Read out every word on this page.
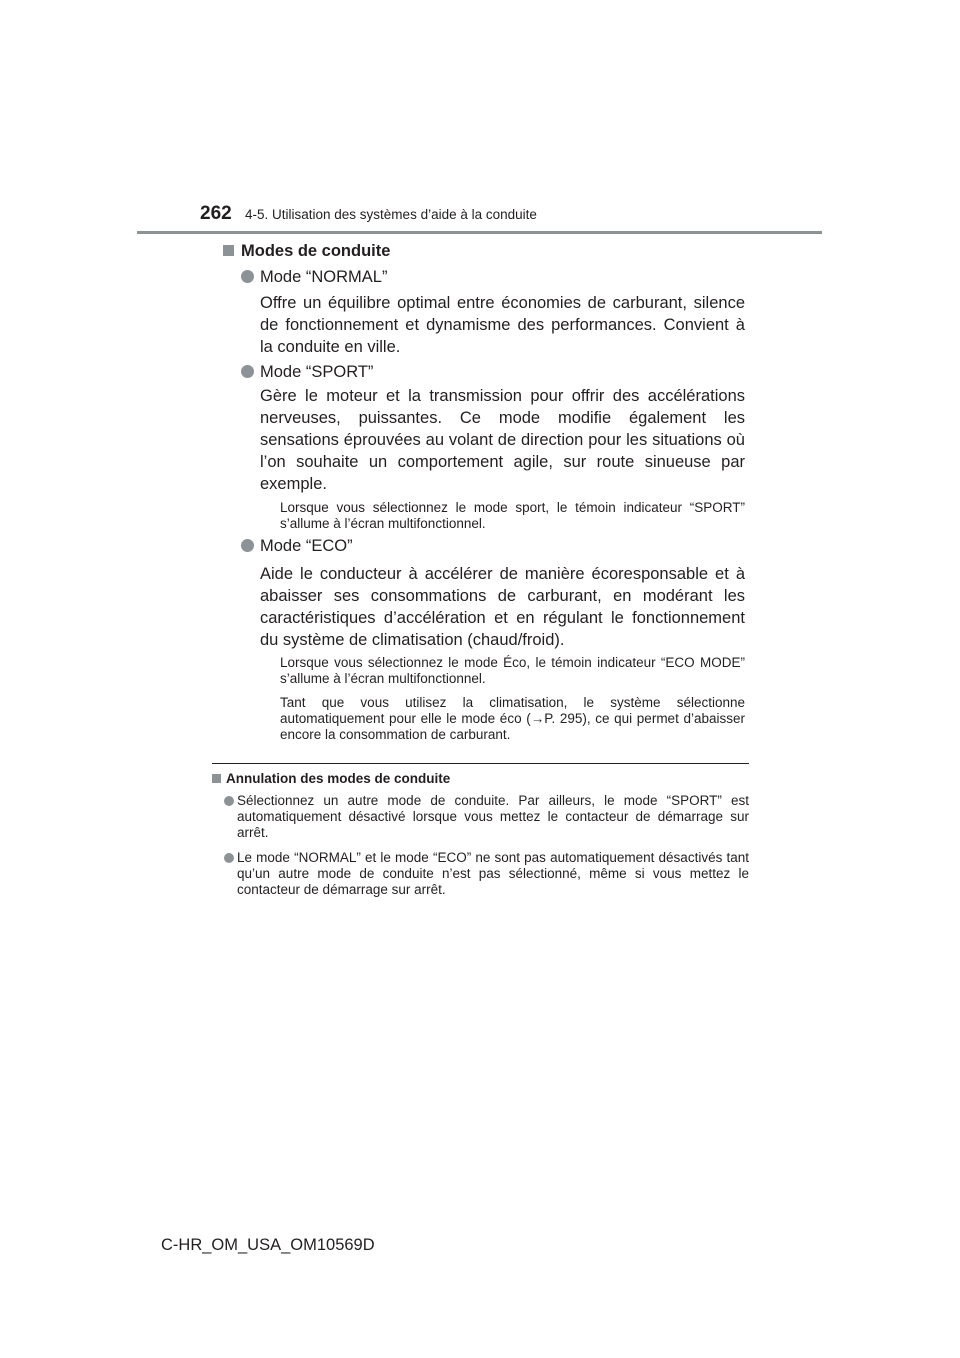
262 4-5. Utilisation des systèmes d’aide à la conduite
Modes de conduite
Mode “NORMAL”
Offre un équilibre optimal entre économies de carburant, silence de fonctionnement et dynamisme des performances. Convient à la conduite en ville.
Mode “SPORT”
Gère le moteur et la transmission pour offrir des accélérations nerveuses, puissantes. Ce mode modifie également les sensations éprouvées au volant de direction pour les situations où l’on souhaite un comportement agile, sur route sinueuse par exemple.
Lorsque vous sélectionnez le mode sport, le témoin indicateur “SPORT” s’allume à l’écran multifonctionnel.
Mode “ECO”
Aide le conducteur à accélérer de manière écoresponsable et à abaisser ses consommations de carburant, en modérant les caractéristiques d’accélération et en régulant le fonctionnement du système de climatisation (chaud/froid).
Lorsque vous sélectionnez le mode Éco, le témoin indicateur “ECO MODE” s’allume à l’écran multifonctionnel.
Tant que vous utilisez la climatisation, le système sélectionne automatiquement pour elle le mode éco (→P. 295), ce qui permet d’abaisser encore la consommation de carburant.
Annulation des modes de conduite
Sélectionnez un autre mode de conduite. Par ailleurs, le mode “SPORT” est automatiquement désactivé lorsque vous mettez le contacteur de démarrage sur arrêt.
Le mode “NORMAL” et le mode “ECO” ne sont pas automatiquement désactivés tant qu’un autre mode de conduite n’est pas sélectionné, même si vous mettez le contacteur de démarrage sur arrêt.
C-HR_OM_USA_OM10569D
